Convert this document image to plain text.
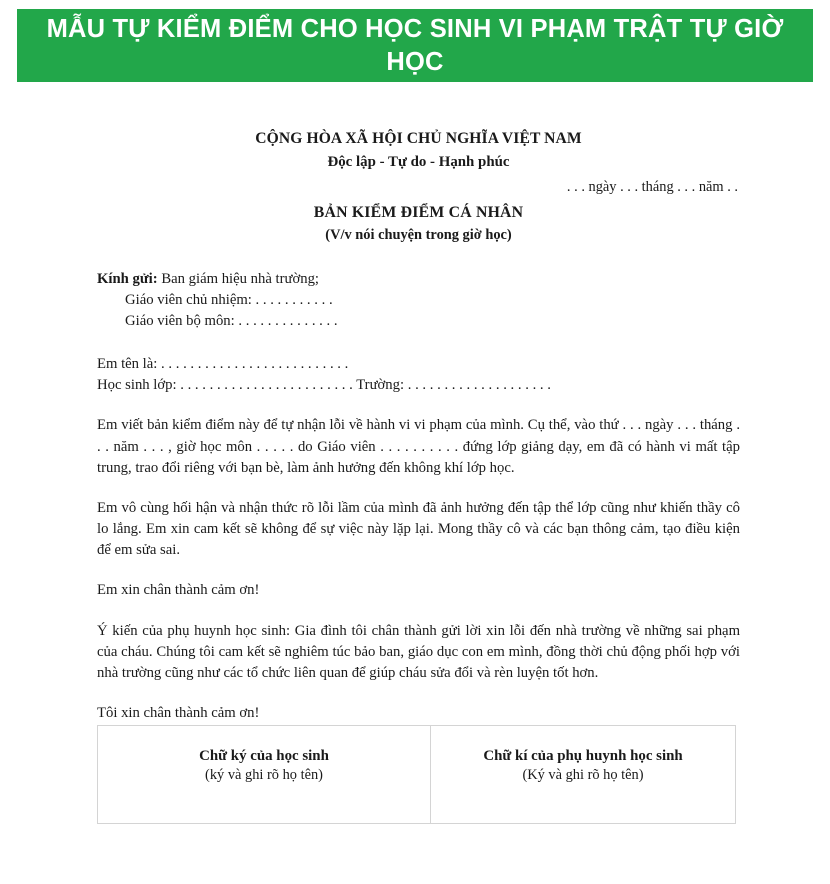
MẪU TỰ KIỂM ĐIỂM CHO HỌC SINH VI PHẠM TRẬT TỰ GIỜ HỌC
CỘNG HÒA XÃ HỘI CHỦ NGHĨA VIỆT NAM
Độc lập - Tự do - Hạnh phúc
. . . ngày . . . tháng . . . năm . .
BẢN KIỂM ĐIỂM CÁ NHÂN
(V/v nói chuyện trong giờ học)
Kính gửi: Ban giám hiệu nhà trường;
Giáo viên chủ nhiệm: . . . . . . . . . . .
Giáo viên bộ môn: . . . . . . . . . . . . . .
Em tên là: . . . . . . . . . . . . . . . . . . . . . . . . . .
Học sinh lớp: . . . . . . . . . . . . . . . . . . . . . . . . Trường: . . . . . . . . . . . . . . . . . . . .

Em viết bản kiểm điểm này để tự nhận lỗi về hành vi vi phạm của mình. Cụ thể, vào thứ . . . ngày . . . tháng . . . năm . . . , giờ học môn . . . . . do Giáo viên . . . . . . . . . . đứng lớp giảng dạy, em đã có hành vi mất tập trung, trao đổi riêng với bạn bè, làm ảnh hưởng đến không khí lớp học.

Em vô cùng hối hận và nhận thức rõ lỗi lầm của mình đã ảnh hưởng đến tập thể lớp cũng như khiến thầy cô lo lắng. Em xin cam kết sẽ không để sự việc này lặp lại. Mong thầy cô và các bạn thông cảm, tạo điều kiện để em sửa sai.

Em xin chân thành cảm ơn!

Ý kiến của phụ huynh học sinh: Gia đình tôi chân thành gửi lời xin lỗi đến nhà trường về những sai phạm của cháu. Chúng tôi cam kết sẽ nghiêm túc bảo ban, giáo dục con em mình, đồng thời chủ động phối hợp với nhà trường cũng như các tổ chức liên quan để giúp cháu sửa đổi và rèn luyện tốt hơn.

Tôi xin chân thành cảm ơn!

Chữ ký của học sinh
(ký và ghi rõ họ tên)
Chữ kí của phụ huynh học sinh
(Ký và ghi rõ họ tên)
